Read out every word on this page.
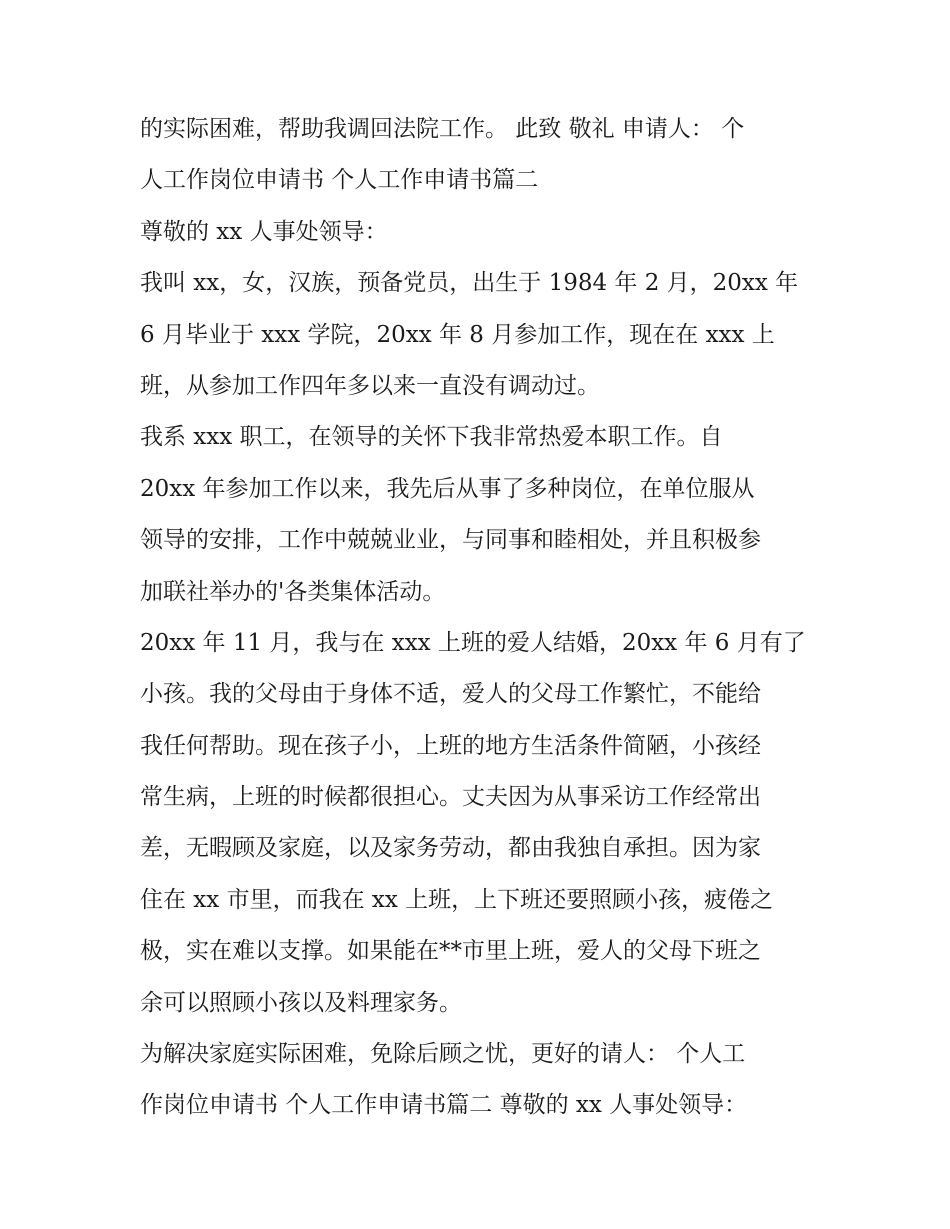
的实际困难，帮助我调回法院工作。 此致 敬礼 申请人： 个
人工作岗位申请书 个人工作申请书篇二
尊敬的 xx 人事处领导：
我叫 xx，女，汉族，预备党员，出生于 1984 年 2 月，20xx 年
6 月毕业于 xxx 学院，20xx 年 8 月参加工作，现在在 xxx 上
班，从参加工作四年多以来一直没有调动过。
我系 xxx 职工，在领导的关怀下我非常热爱本职工作。自
20xx 年参加工作以来，我先后从事了多种岗位，在单位服从
领导的安排，工作中兢兢业业，与同事和睦相处，并且积极参
加联社举办的'各类集体活动。
20xx 年 11 月，我与在 xxx 上班的爱人结婚，20xx 年 6 月有了
小孩。我的父母由于身体不适，爱人的父母工作繁忙，不能给
我任何帮助。现在孩子小，上班的地方生活条件简陋，小孩经
常生病，上班的时候都很担心。丈夫因为从事采访工作经常出
差，无暇顾及家庭，以及家务劳动，都由我独自承担。因为家
住在 xx 市里，而我在 xx 上班，上下班还要照顾小孩，疲倦之
极，实在难以支撑。如果能在**市里上班，爱人的父母下班之
余可以照顾小孩以及料理家务。
为解决家庭实际困难，免除后顾之忧，更好的请人： 个人工
作岗位申请书 个人工作申请书篇二 尊敬的 xx 人事处领导：
